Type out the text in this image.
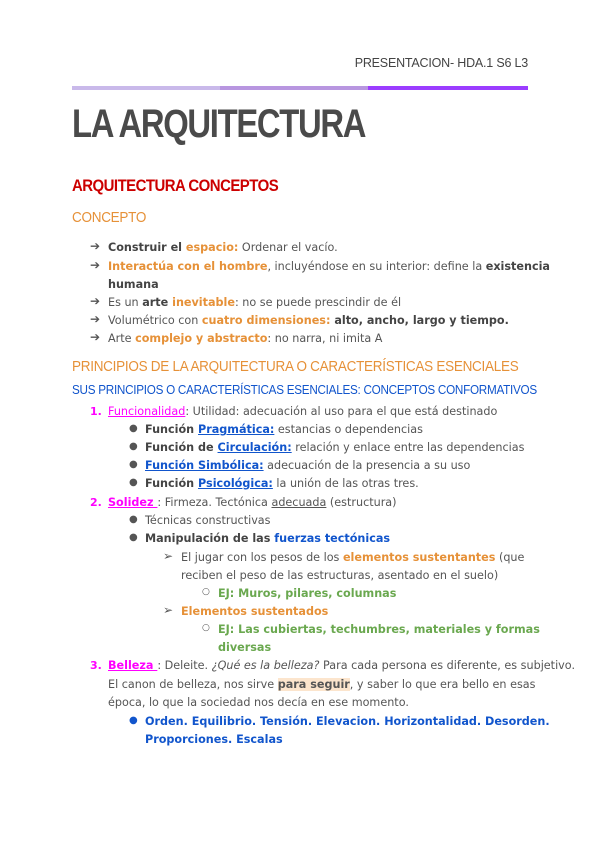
PRESENTACION- HDA.1 S6 L3
LA ARQUITECTURA
ARQUITECTURA CONCEPTOS
CONCEPTO
➔ Construir el espacio: Ordenar el vacío.
➔ Interactúa con el hombre, incluyéndose en su interior: define la existencia
humana
➔ Es un arte inevitable: no se puede prescindir de él
➔ Volumétrico con cuatro dimensiones: alto, ancho, largo y tiempo.
➔ Arte complejo y abstracto: no narra, ni imita A
PRINCIPIOS DE LA ARQUITECTURA O CARACTERÍSTICAS ESENCIALES
SUS PRINCIPIOS O CARACTERÍSTICAS ESENCIALES: CONCEPTOS CONFORMATIVOS
1. Funcionalidad: Utilidad: adecuación al uso para el que está destinado
● Función Pragmática: estancias o dependencias
● Función de Circulación: relación y enlace entre las dependencias
● Función Simbólica: adecuación de la presencia a su uso
● Función Psicológica: la unión de las otras tres.
2. Solidez : Firmeza. Tectónica adecuada (estructura)
● Técnicas constructivas
● Manipulación de las fuerzas tectónicas
➢ El jugar con los pesos de los elementos sustentantes (que
reciben el peso de las estructuras, asentado en el suelo)
○ EJ: Muros, pilares, columnas
➢ Elementos sustentados
○ EJ: Las cubiertas, techumbres, materiales y formas
diversas
3. Belleza : Deleite. ¿Qué es la belleza? Para cada persona es diferente, es subjetivo.
El canon de belleza, nos sirve para seguir, y saber lo que era bello en esas
época, lo que la sociedad nos decía en ese momento.
● Orden. Equilibrio. Tensión. Elevacion. Horizontalidad. Desorden.
Proporciones. Escalas
